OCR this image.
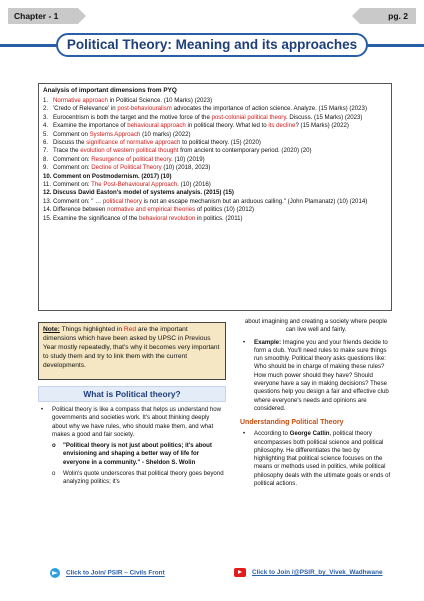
Chapter - 1	pg. 2
Political Theory: Meaning and its approaches
Analysis of important dimensions from PYQ
1. Normative approach in Political Science. (10 Marks) (2023)
2. 'Credo of Relevance' in post-behaviouralism advocates the importance of action science. Analyze. (15 Marks) (2023)
3. Eurocentrism is both the target and the motive force of the post-colonial political theory. Discuss. (15 Marks) (2023)
4. Examine the importance of behavioural approach in political theory. What led to its decline? (15 Marks) (2022)
5. Comment on Systems Approach (10 marks) (2022)
6. Discuss the significance of normative approach to political theory. (15) (2020)
7. Trace the evolution of western political thought from ancient to contemporary period. (2020) (20)
8. Comment on: Resurgence of political theory. (10) (2019)
9. Comment on: Decline of Political Theory (10) (2018, 2023)
10. Comment on Postmodernism. (2017) (10)
11. Comment on: The Post-Behavioural Approach. (10) (2016)
12. Discuss David Easton's model of systems analysis. (2015) (15)
13. Comment on: " … political theory is not an escape mechanism but an arduous calling." (John Plamanatz) (10) (2014)
14. Difference between normative and empirical theories of politics (10) (2012)
15. Examine the significance of the behavioral revolution in politics. (2011)
Note: Things highlighted in Red are the important dimensions which have been asked by UPSC in Previous Year mostly repeatedly, that's why it becomes very important to study them and try to link them with the current developments.
What is Political theory?
• Political theory is like a compass that helps us understand how governments and societies work. It's about thinking deeply about why we have rules, who should make them, and what makes a good and fair society.
o "Political theory is not just about politics; it's about envisioning and shaping a better way of life for everyone in a community." - Sheldon S. Wolin
o Wolin's quote underscores that political theory goes beyond analyzing politics; it's
about imagining and creating a society where people can live well and fairly.
• Example: Imagine you and your friends decide to form a club. You'll need rules to make sure things run smoothly. Political theory asks questions like: Who should be in charge of making these rules? How much power should they have? Should everyone have a say in making decisions? These questions help you design a fair and effective club where everyone's needs and opinions are considered.
Understanding Political Theory
• According to George Catlin, political theory encompasses both political science and political philosophy. He differentiates the two by highlighting that political science focuses on the means or methods used in politics, while political philosophy deals with the ultimate goals or ends of political actions.
Click to Join/ PSIR – Civils Front	Click to Join /@PSIR_by_Vivek_Wadhwane
